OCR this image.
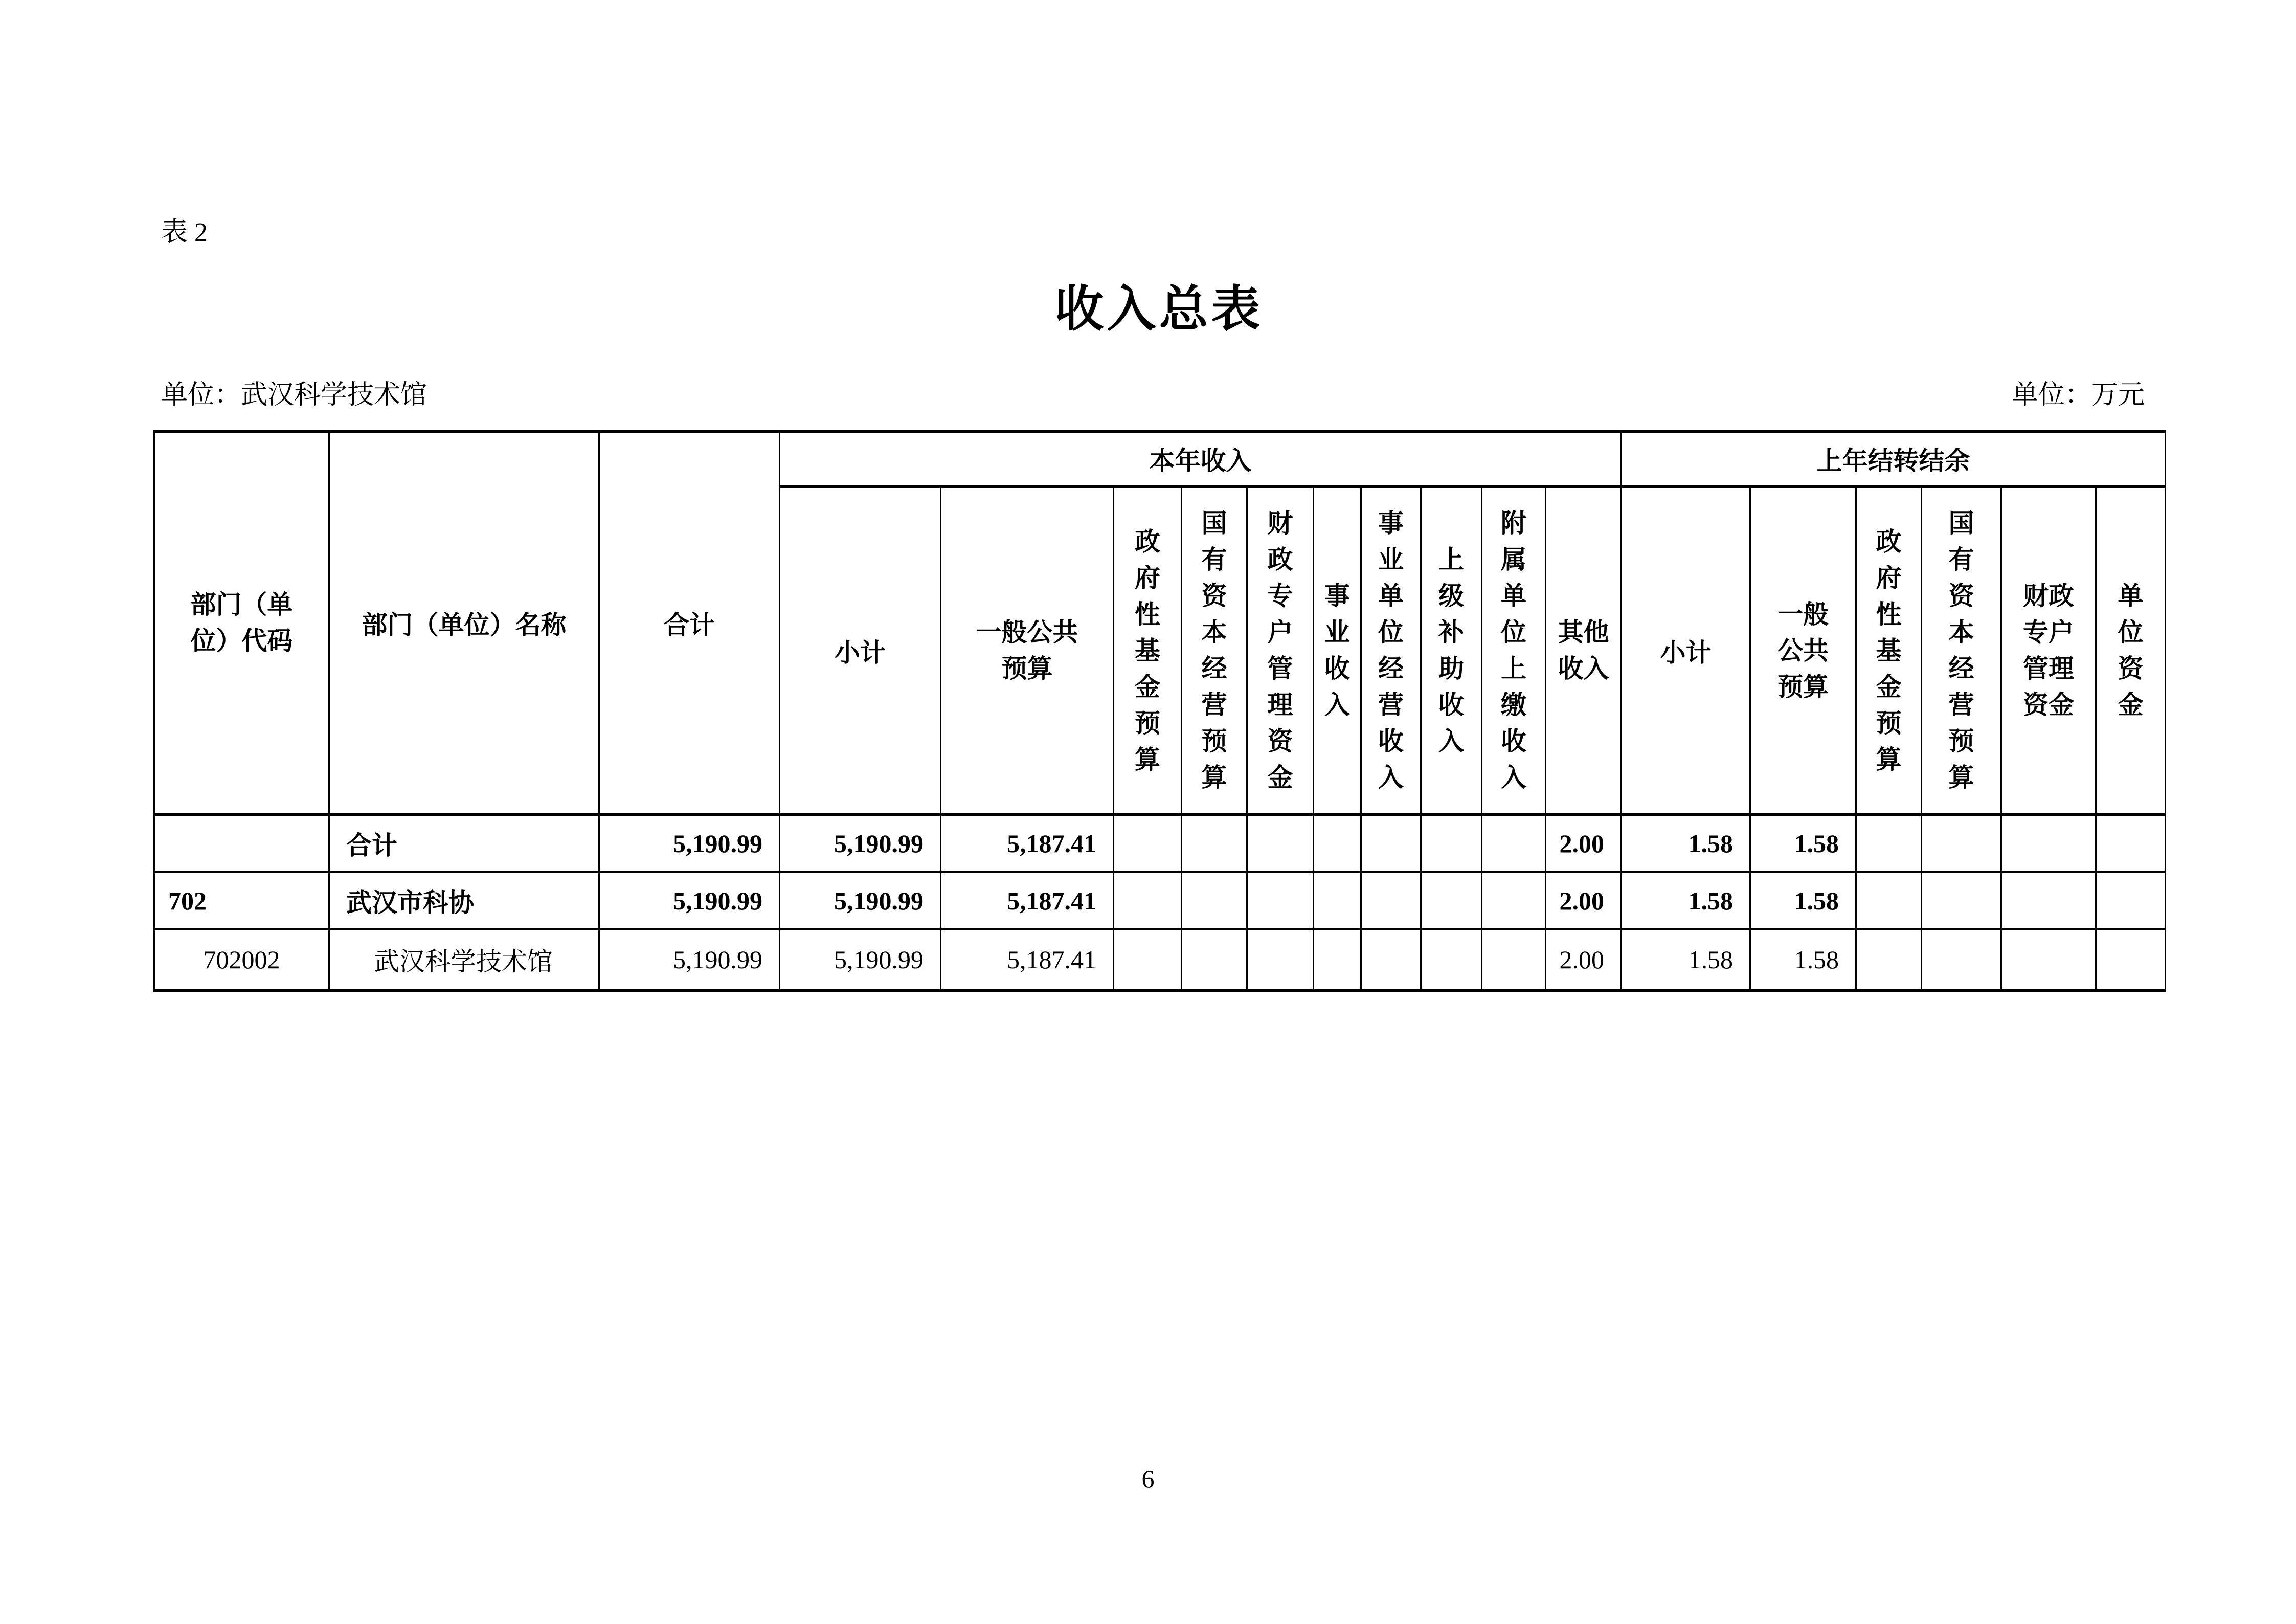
表 2
收入总表
单位：武汉科学技术馆	单位：万元
部门（单位）代码	部门（单位）名称	合计	本年收入										上年结转结余					
			小计	一般公共预算	政府性基金预算	国有资本经营预算	财政专户管理资金	事业收入	事业单位经营收入	上级补助收入	附属单位上缴收入	其他收入	小计	一般公共预算	政府性基金预算	国有资本经营预算	财政专户管理资金	单位资金
	合计	5,190.99	5,190.99	5,187.41								2.00	1.58	1.58				
702	武汉市科协	5,190.99	5,190.99	5,187.41								2.00	1.58	1.58				
702002	武汉科学技术馆	5,190.99	5,190.99	5,187.41								2.00	1.58	1.58				
6
